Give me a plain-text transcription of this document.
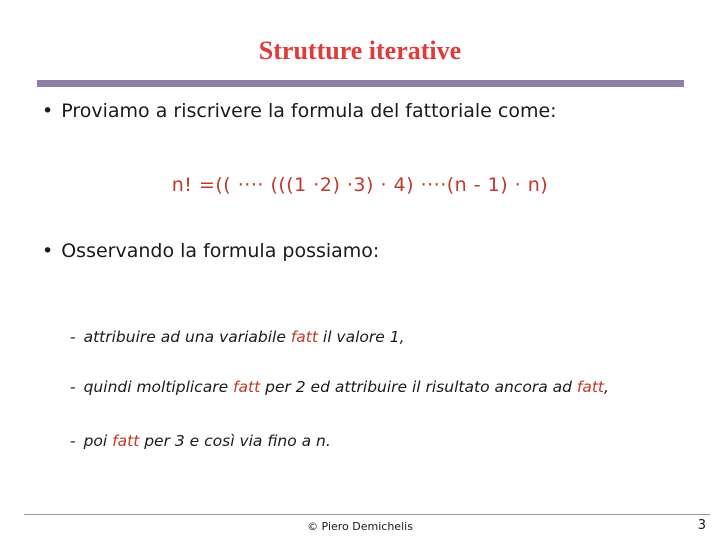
Strutture iterative
• Proviamo a riscrivere la formula del fattoriale come:
n! =(( ···· (((1 ·2) ·3) · 4) ····(n - 1) · n)
• Osservando la formula possiamo:
- attribuire ad una variabile fatt il valore 1,
- quindi moltiplicare fatt per 2 ed attribuire il risultato ancora ad fatt,
- poi fatt per 3 e così via fino a n.
© Piero Demichelis	3
